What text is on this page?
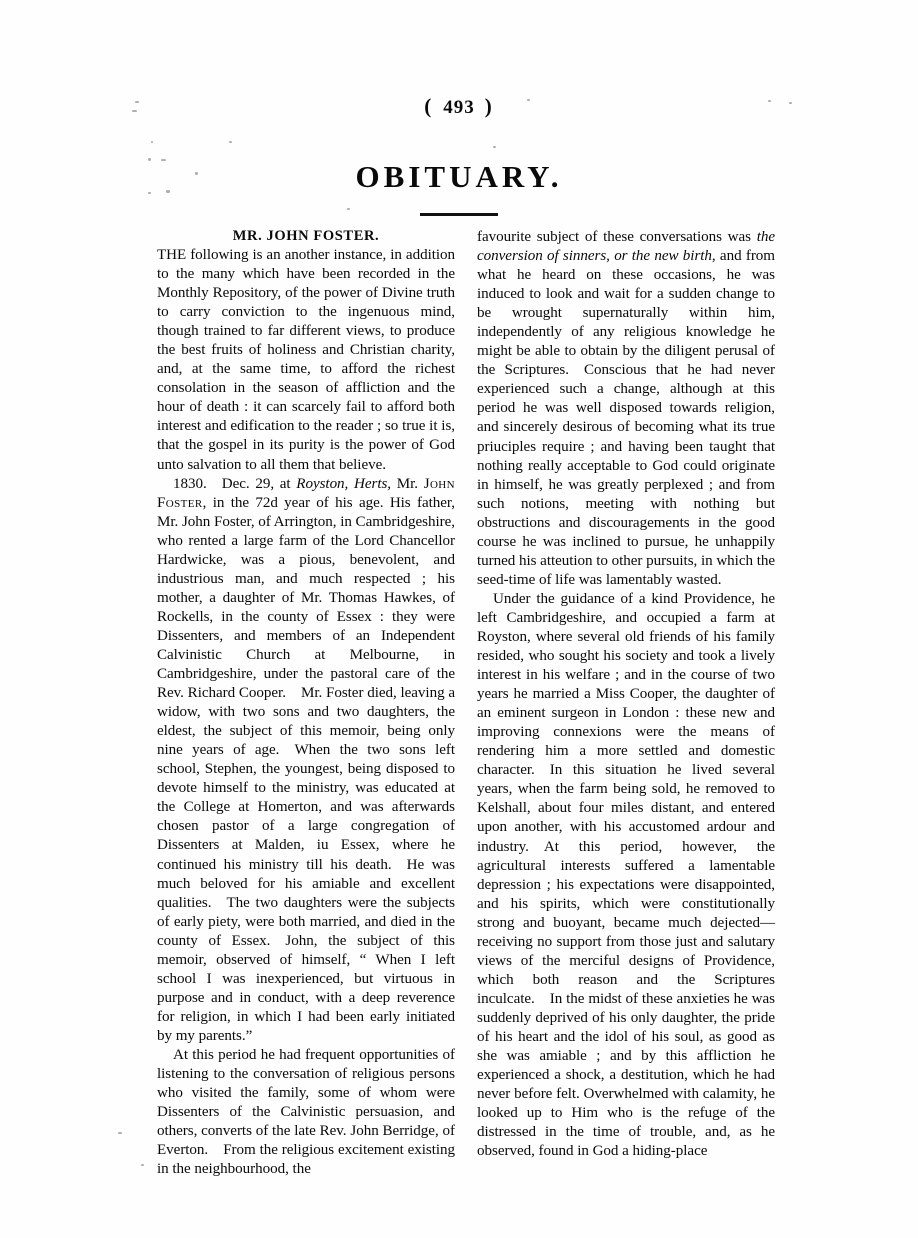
( 493 )
OBITUARY.
MR. JOHN FOSTER.

THE following is an another instance, in addition to the many which have been recorded in the Monthly Repository, of the power of Divine truth to carry conviction to the ingenuous mind, though trained to far different views, to produce the best fruits of holiness and Christian charity, and, at the same time, to afford the richest consolation in the season of affliction and the hour of death : it can scarcely fail to afford both interest and edification to the reader ; so true it is, that the gospel in its purity is the power of God unto salvation to all them that believe.

1830. Dec. 29, at Royston, Herts, Mr. John Foster, in the 72d year of his age. His father, Mr. John Foster, of Arrington, in Cambridgeshire, who rented a large farm of the Lord Chancellor Hardwicke, was a pious, benevolent, and industrious man, and much respected ; his mother, a daughter of Mr. Thomas Hawkes, of Rockells, in the county of Essex : they were Dissenters, and members of an Independent Calvinistic Church at Melbourne, in Cambridgeshire, under the pastoral care of the Rev. Richard Cooper. Mr. Foster died, leaving a widow, with two sons and two daughters, the eldest, the subject of this memoir, being only nine years of age. When the two sons left school, Stephen, the youngest, being disposed to devote himself to the ministry, was educated at the College at Homerton, and was afterwards chosen pastor of a large congregation of Dissenters at Malden, iu Essex, where he continued his ministry till his death. He was much beloved for his amiable and excellent qualities. The two daughters were the subjects of early piety, were both married, and died in the county of Essex. John, the subject of this memoir, observed of himself, “ When I left school I was inexperienced, but virtuous in purpose and in conduct, with a deep reverence for religion, in which I had been early initiated by my parents.”

At this period he had frequent opportunities of listening to the conversation of religious persons who visited the family, some of whom were Dissenters of the Calvinistic persuasion, and others, converts of the late Rev. John Berridge, of Everton. From the religious excitement existing in the neighbourhood, the

favourite subject of these conversations was the conversion of sinners, or the new birth, and from what he heard on these occasions, he was induced to look and wait for a sudden change to be wrought supernaturally within him, independently of any religious knowledge he might be able to obtain by the diligent perusal of the Scriptures. Conscious that he had never experienced such a change, although at this period he was well disposed towards religion, and sincerely desirous of becoming what its true priuciples require ; and having been taught that nothing really acceptable to God could originate in himself, he was greatly perplexed ; and from such notions, meeting with nothing but obstructions and discouragements in the good course he was inclined to pursue, he unhappily turned his atteution to other pursuits, in which the seed-time of life was lamentably wasted.

Under the guidance of a kind Providence, he left Cambridgeshire, and occupied a farm at Royston, where several old friends of his family resided, who sought his society and took a lively interest in his welfare ; and in the course of two years he married a Miss Cooper, the daughter of an eminent surgeon in London : these new and improving connexions were the means of rendering him a more settled and domestic character. In this situation he lived several years, when the farm being sold, he removed to Kelshall, about four miles distant, and entered upon another, with his accustomed ardour and industry. At this period, however, the agricultural interests suffered a lamentable depression ; his expectations were disappointed, and his spirits, which were constitutionally strong and buoyant, became much dejected—receiving no support from those just and salutary views of the merciful designs of Providence, which both reason and the Scriptures inculcate. In the midst of these anxieties he was suddenly deprived of his only daughter, the pride of his heart and the idol of his soul, as good as she was amiable ; and by this affliction he experienced a shock, a destitution, which he had never before felt. Overwhelmed with calamity, he looked up to Him who is the refuge of the distressed in the time of trouble, and, as he observed, found in God a hiding-place
